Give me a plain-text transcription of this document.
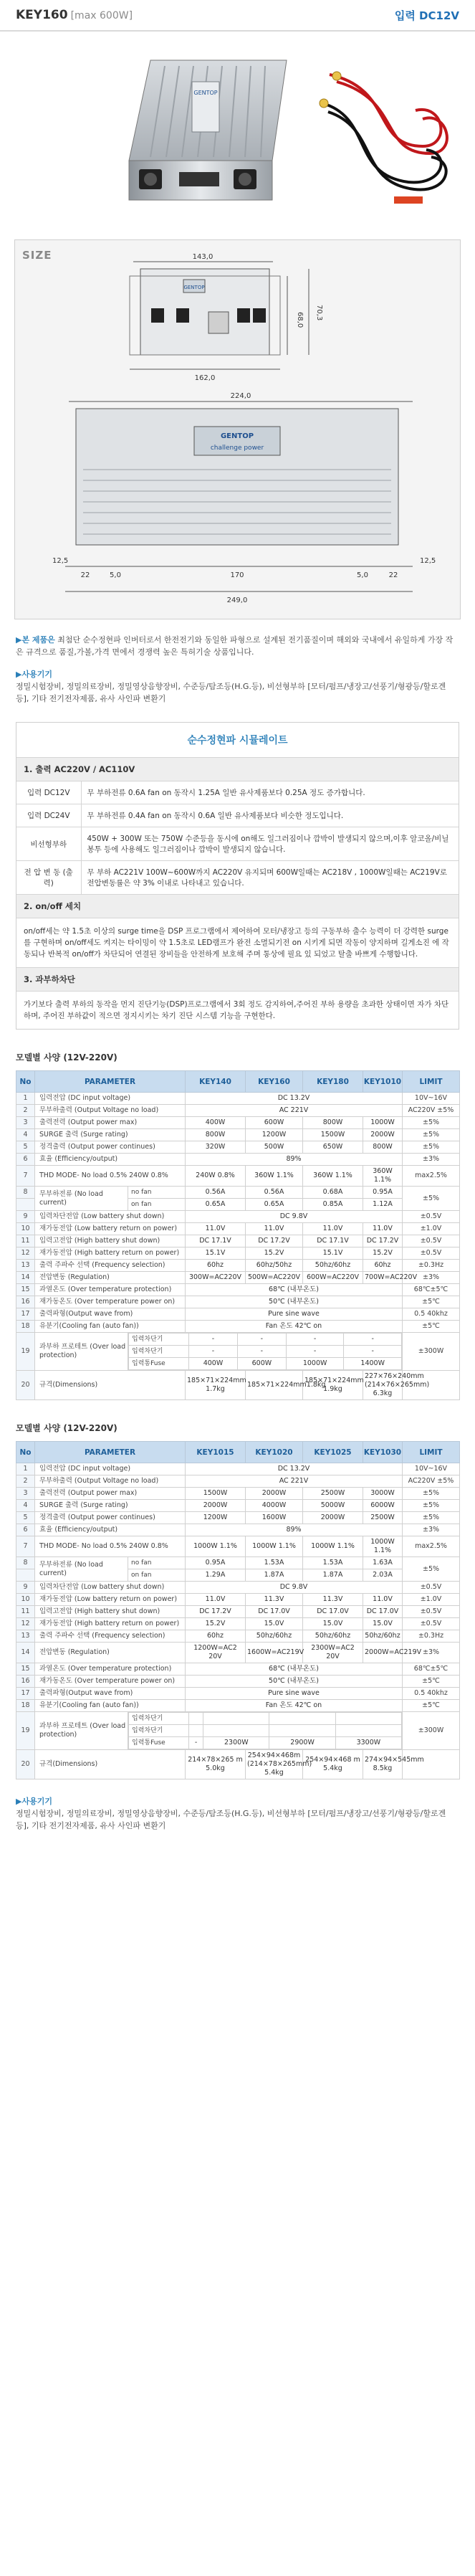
KEY160 [max 600W]	입력 DC12V
GENTOP
SIZE	143,0
GENTOP
162,0
68,0 70,3
224,0
GENTOP
challenge power
12,5
22	5,0	170	5,0	22
249,0
12,5
▶본 제품은 최첨단 순수정현파 인버터로서 한전전기와 동일한 파형으로 설계된 전기품질이며 해외와 국내에서 유일하게 가장 작은 규격으로 품질,가볼,가격 면에서 경쟁력 높은 특허기술 상품입니다.
▶사용기기
정밀시험장비, 정밀의료장비, 정밀영상음향장비, 수준등/탐조등(H.G.등), 비선형부하 [모터/펌프/냉장고/선풍기/형광등/할로겐 등], 기타 전기전자제품, 유사 사인파 변환기
순수정현파 시뮬레이트
1. 출력 AC220V / AC110V
입력 DC12V	무 부하전류 0.6A fan on 동작시 1.25A 일반 유사제품보다 0.25A 정도 증가합니다.
입력 DC24V	무 부하전류 0.4A fan on 동작시 0.6A 일반 유사제품보다 비슷한 정도입니다.
비선형부하	450W + 300W 또는 750W 수준등을 동시에 on해도 일그러짐이나 깜박이 발생되지 않으며,이후 알코올/비닐봉투 등에 사용해도 일그러짐이나 깜박이 발생되지 않습니다.
전 압 변 동 (출력)	무 부하 AC221V 100W~600W까지 AC220V 유지되며 600W일때는 AC218V , 1000W일때는 AC219V로 전압변동률은 약 3% 이내로 나타내고 있습니다.
2. on/off 세치
on/off세는 약 1.5초 이상의 surge time을 DSP 프로그램에서 제어하여 모터/냉장고 등의 구동부하 출수 능력이 더 강력한 surge를 구현하며 on/off세도 켜지는 타이밍이 약 1.5초로 LED램프가 완전 소멸되기전 on 시키게 되면 작동이 양지하며 길게소진 에 작동되나 반복적 on/off가 차단되어 연결된 장비들을 안전하게 보호해 주며 통상에 필요 있 되었고 탈출 바쁘게 수행합니다.
3. 과부하차단
가기보다 출력 부하의 동작을 먼지 진단기능(DSP)프로그램에서 3회 정도 감지하여,주어진 부하 용량을 초과한 상태이면 자가 차단하며, 주어진 부하값이 적으면 정지시키는 차기 진단 시스템 기능을 구현한다.
모델별 사양 (12V-220V)
No	PARAMETER	KEY140	KEY160	KEY180	KEY1010	LIMIT
1	입력전압 (DC input voltage)	DC 13.2V	10V~16V
2	무부하출력 (Output Voltage no load)	AC 221V	AC220V ±5%
3	출력전력 (Output power max)	400W	600W	800W	1000W	±5%
4	SURGE 출력 (Surge rating)	800W	1200W	1500W	2000W	±5%
5	정격출력 (Output power continues)	320W	500W	650W	800W	±5%
6	효율 (Efficiency/output)	89%	±3%
7	THD MODE- No load 0.5% 240W 0.8%	240W 0.8%	360W 1.1%	360W 1.1%	360W 1.1%	max2.5%
8	무부하전류 (No load current)	no fan	0.56A	0.56A	0.68A	0.95A	±5%
	on fan	0.65A	0.65A	0.85A	1.12A
9	입력차단전압 (Low battery shut down)	DC 9.8V	±0.5V
10	재가동전압 (Low battery return on power)	11.0V	11.0V	11.0V	11.0V	±1.0V
11	입력고전압 (High battery shut down)	DC 17.1V	DC 17.2V	DC 17.1V	DC 17.2V	±0.5V
12	재가동전압 (High battery return on power)	15.1V	15.2V	15.1V	15.2V	±0.5V
13	출력 주파수 선택 (Frequency selection)	60hz	60hz/50hz	50hz/60hz	60hz	±0.3Hz
14	전압변동 (Regulation)	300W=AC220V	500W=AC220V	600W=AC220V	700W=AC220V	±3%
15	과열온도 (Over temperature protection)	68℃ (내부온도)	68℃±5℃
16	재가동온도 (Over temperature power on)	50℃ (내부온도)	±5℃
17	출력파형(Output wave from)	Pure sine wave	0.5 40khz
18	유분기(Cooling fan (auto fan))	Fan 온도 42℃ on	±5℃
19	과부하 프로테트 (Over load protection)	
입력차단기	-	-	-	-
입력차단기	-	-	-	-
입력통Fuse	400W	600W	1000W	1400W
	±300W
20	규격(Dimensions)	185×71×224mm 1.7kg	185×71×224mm1.8kg	185×71×224mm 1.9kg	227×76×240mm (214×76×265mm) 6.3kg	
모델별 사양 (12V-220V)
No	PARAMETER	KEY1015	KEY1020	KEY1025	KEY1030	LIMIT
1	입력전압 (DC input voltage)	DC 13.2V	10V~16V
2	무부하출력 (Output Voltage no load)	AC 221V	AC220V ±5%
3	출력전력 (Output power max)	1500W	2000W	2500W	3000W	±5%
4	SURGE 출력 (Surge rating)	2000W	4000W	5000W	6000W	±5%
5	정격출력 (Output power continues)	1200W	1600W	2000W	2500W	±5%
6	효율 (Efficiency/output)	89%	±3%
7	THD MODE- No load 0.5% 240W 0.8%	1000W 1.1%	1000W 1.1%	1000W 1.1%	1000W 1.1%	max2.5%
8	무부하전류 (No load current)	no fan	0.95A	1.53A	1.53A	1.63A	±5%
	on fan	1.29A	1.87A	1.87A	2.03A
9	입력차단전압 (Low battery shut down)	DC 9.8V	±0.5V
10	재가동전압 (Low battery return on power)	11.0V	11.3V	11.3V	11.0V	±1.0V
11	입력고전압 (High battery shut down)	DC 17.2V	DC 17.0V	DC 17.0V	DC 17.0V	±0.5V
12	재가동전압 (High battery return on power)	15.2V	15.0V	15.0V	15.0V	±0.5V
13	출력 주파수 선택 (Frequency selection)	60hz	50hz/60hz	50hz/60hz	50hz/60hz	±0.3Hz
14	전압변동 (Regulation)	1200W=AC2 20V	1600W=AC219V	2300W=AC2 20V	2000W=AC219V	±3%
15	과열온도 (Over temperature protection)	68℃ (내부온도)	68℃±5℃
16	재가동온도 (Over temperature power on)	50℃ (내부온도)	±5℃
17	출력파형(Output wave from)	Pure sine wave	0.5 40khz
18	유분기(Cooling fan (auto fan))	Fan 온도 42℃ on	±5℃
19	과부하 프로테트 (Over load protection)	
입력차단기				
입력차단기				
입력통Fuse	-	2300W	2900W	3300W
	±300W
20	규격(Dimensions)	214×78×265 m 5.0kg	254×94×468m (214×78×265mm) 5.4kg	254×94×468 m 5.4kg	274×94×545mm 8.5kg	
▶사용기기
정밀시험장비, 정밀의료장비, 정밀영상음향장비, 수준등/탐조등(H.G.등), 비선형부하 [모터/펌프/냉장고/선풍기/형광등/할로겐 등], 기타 전기전자제품, 유사 사인파 변환기
